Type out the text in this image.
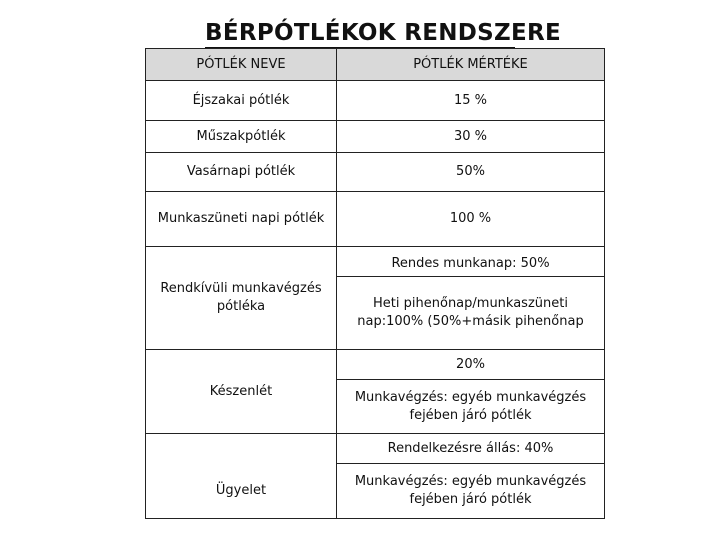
BÉRPÓTLÉKOK RENDSZERE
PÓTLÉK NEVE	PÓTLÉK MÉRTÉKE
Éjszakai pótlék	15 %
Műszakpótlék	30 %
Vasárnapi pótlék	50%
Munkaszüneti napi pótlék	100 %
Rendkívüli munkavégzés pótléka	Rendes munkanap: 50%
	Heti pihenőnap/munkaszüneti nap:100% (50%+másik pihenőnap
Készenlét	20%
	Munkavégzés: egyéb munkavégzés fejében járó pótlék
Ügyelet	Rendelkezésre állás: 40%
	Munkavégzés: egyéb munkavégzés fejében járó pótlék
